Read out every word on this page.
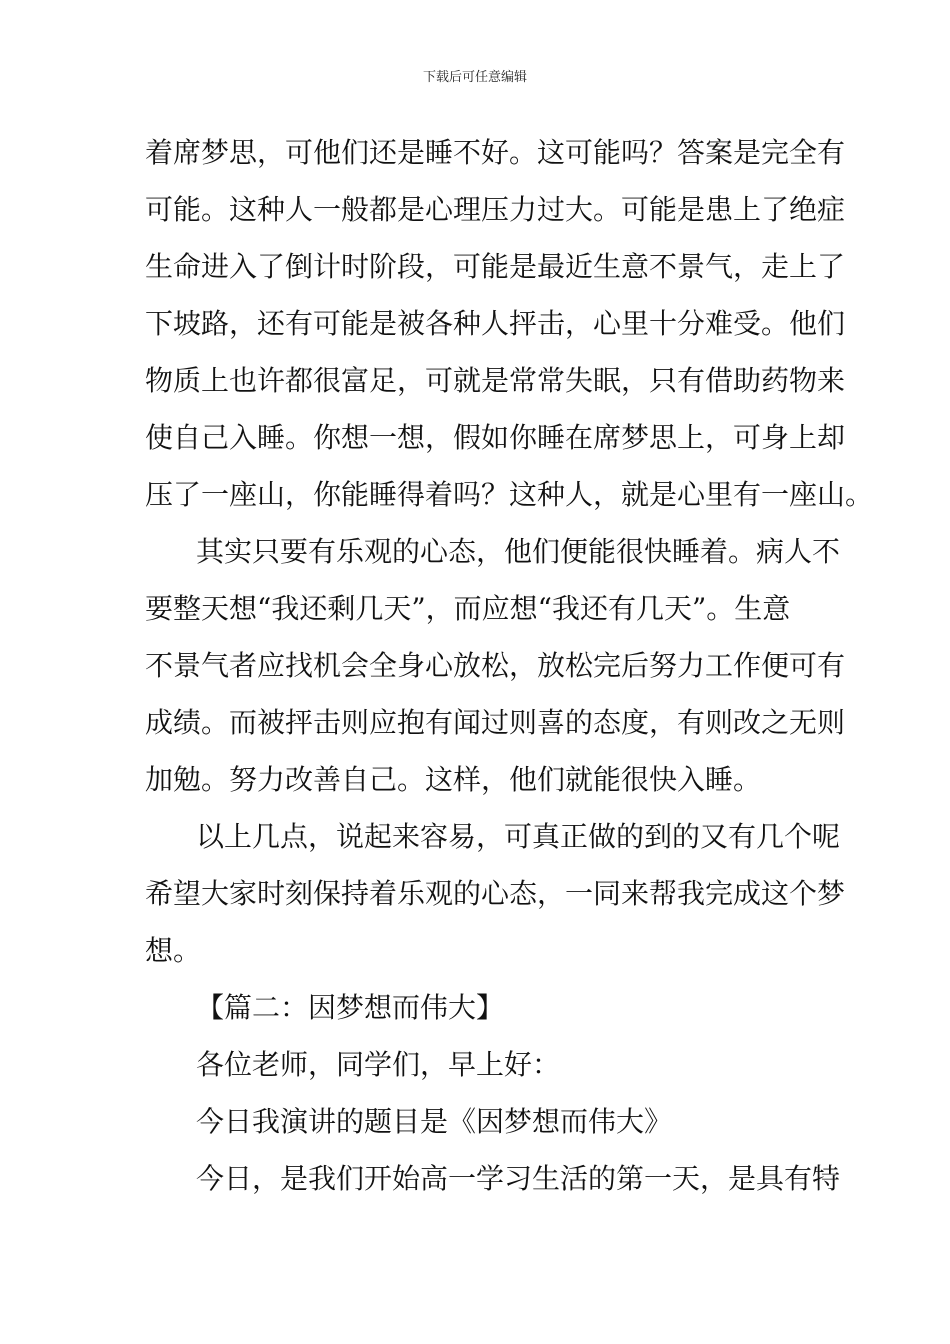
下载后可任意编辑
着席梦思，可他们还是睡不好。这可能吗？答案是完全有
可能。这种人一般都是心理压力过大。可能是患上了绝症
生命进入了倒计时阶段，可能是最近生意不景气，走上了
下坡路，还有可能是被各种人抨击，心里十分难受。他们
物质上也许都很富足，可就是常常失眠，只有借助药物来
使自己入睡。你想一想，假如你睡在席梦思上，可身上却
压了一座山，你能睡得着吗？这种人，就是心里有一座山。
其实只要有乐观的心态，他们便能很快睡着。病人不
要整天想“我还剩几天”，而应想“我还有几天”。生意
不景气者应找机会全身心放松，放松完后努力工作便可有
成绩。而被抨击则应抱有闻过则喜的态度，有则改之无则
加勉。努力改善自己。这样，他们就能很快入睡。
以上几点，说起来容易，可真正做的到的又有几个呢
希望大家时刻保持着乐观的心态，一同来帮我完成这个梦
想。
【篇二：因梦想而伟大】
各位老师，同学们，早上好：
今日我演讲的题目是《因梦想而伟大》
今日，是我们开始高一学习生活的第一天，是具有特
